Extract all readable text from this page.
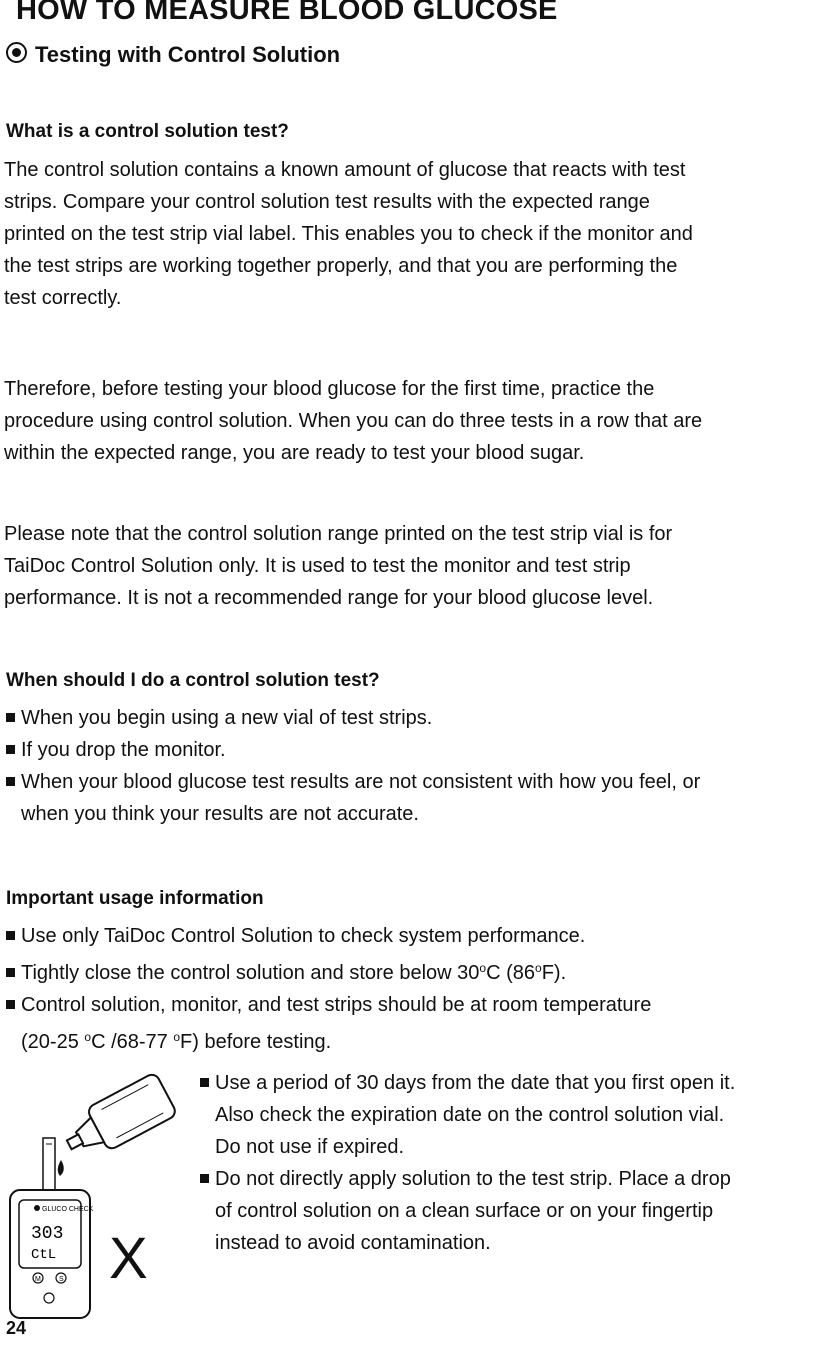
HOW TO MEASURE BLOOD GLUCOSE
Testing with Control Solution
What is a control solution test?
The control solution contains a known amount of glucose that reacts with test
strips. Compare your control solution test results with the expected range
printed on the test strip vial label. This enables you to check if the monitor and
the test strips are working together properly, and that you are performing the
test correctly.
Therefore, before testing your blood glucose for the first time, practice the
procedure using control solution. When you can do three tests in a row that are
within the expected range, you are ready to test your blood sugar.
Please note that the control solution range printed on the test strip vial is for
TaiDoc Control Solution only. It is used to test the monitor and test strip
performance. It is not a recommended range for your blood glucose level.
When should I do a control solution test?
When you begin using a new vial of test strips.
If you drop the monitor.
When your blood glucose test results are not consistent with how you feel, or
when you think your results are not accurate.
Important usage information
Use only TaiDoc Control Solution to check system performance.
Tightly close the control solution and store below 30$^o$C (86$^o$F).
Control solution, monitor, and test strips should be at room temperature
(20-25 $^o$C /68-77 $^o$F) before testing.
Use a period of 30 days from the date that you first open it.
Also check the expiration date on the control solution vial.
Do not use if expired.
Do not directly apply solution to the test strip. Place a drop
of control solution on a clean surface or on your fingertip
instead to avoid contamination.
GLUCO CHECK
303
CtL
M	S X
24
